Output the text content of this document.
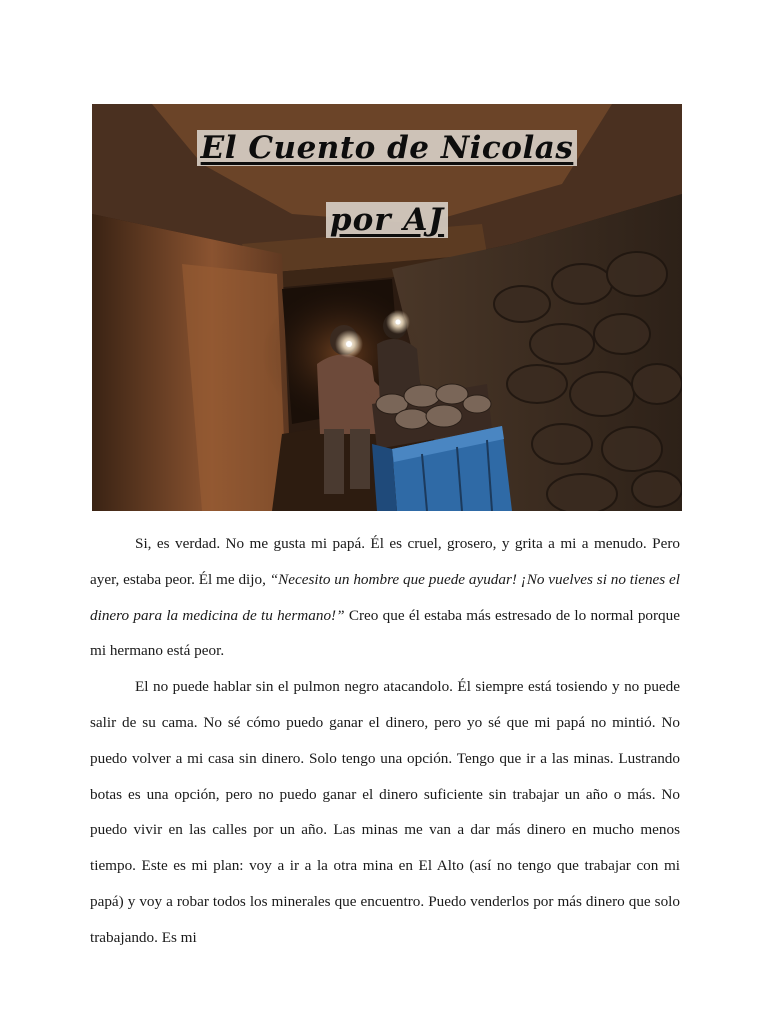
El Cuento de Nicolas
por AJ

Si, es verdad. No me gusta mi papá. Él es cruel, grosero, y grita a mi a menudo. Pero ayer, estaba peor. Él me dijo, “Necesito un hombre que puede ayudar! ¡No vuelves si no tienes el dinero para la medicina de tu hermano!” Creo que él estaba más estresado de lo normal porque mi hermano está peor.

El no puede hablar sin el pulmon negro atacandolo. Él siempre está tosiendo y no puede salir de su cama. No sé cómo puedo ganar el dinero, pero yo sé que mi papá no mintió. No puedo volver a mi casa sin dinero. Solo tengo una opción. Tengo que ir a las minas. Lustrando botas es una opción, pero no puedo ganar el dinero suficiente sin trabajar un año o más. No puedo vivir en las calles por un año. Las minas me van a dar más dinero en mucho menos tiempo. Este es mi plan: voy a ir a la otra mina en El Alto (así no tengo que trabajar con mi papá) y voy a robar todos los minerales que encuentro. Puedo venderlos por más dinero que solo trabajando. Es mi
